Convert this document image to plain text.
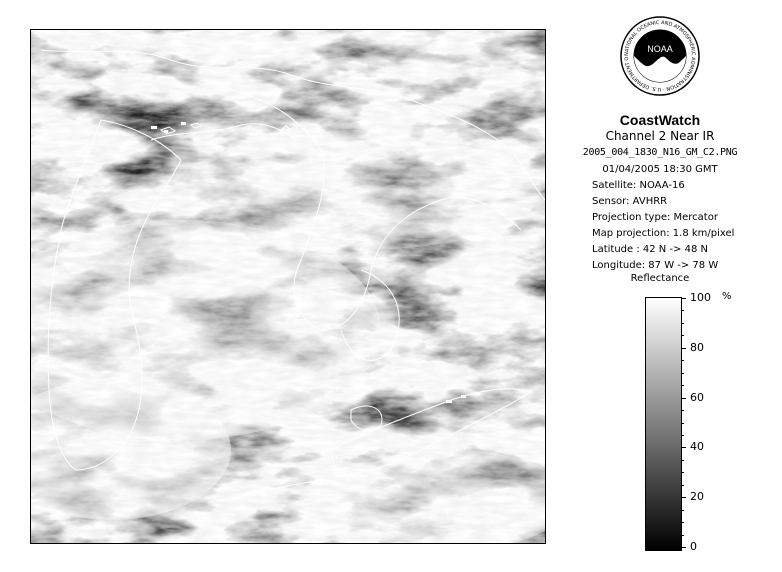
NOAA
NATIONAL OCEANIC AND ATMOSPHERIC ADMINISTRATION · U.S. DEPARTMENT O
CoastWatch
Channel 2 Near IR
2005_004_1830_N16_GM_C2.PNG
01/04/2005 18:30 GMT
Satellite: NOAA-16
Sensor: AVHRR
Projection type: Mercator
Map projection: 1.8 km/pixel
Latitude : 42 N -> 48 N
Longitude: 87 W -> 78 W
Reflectance
%
100
80
60
40
20
0
